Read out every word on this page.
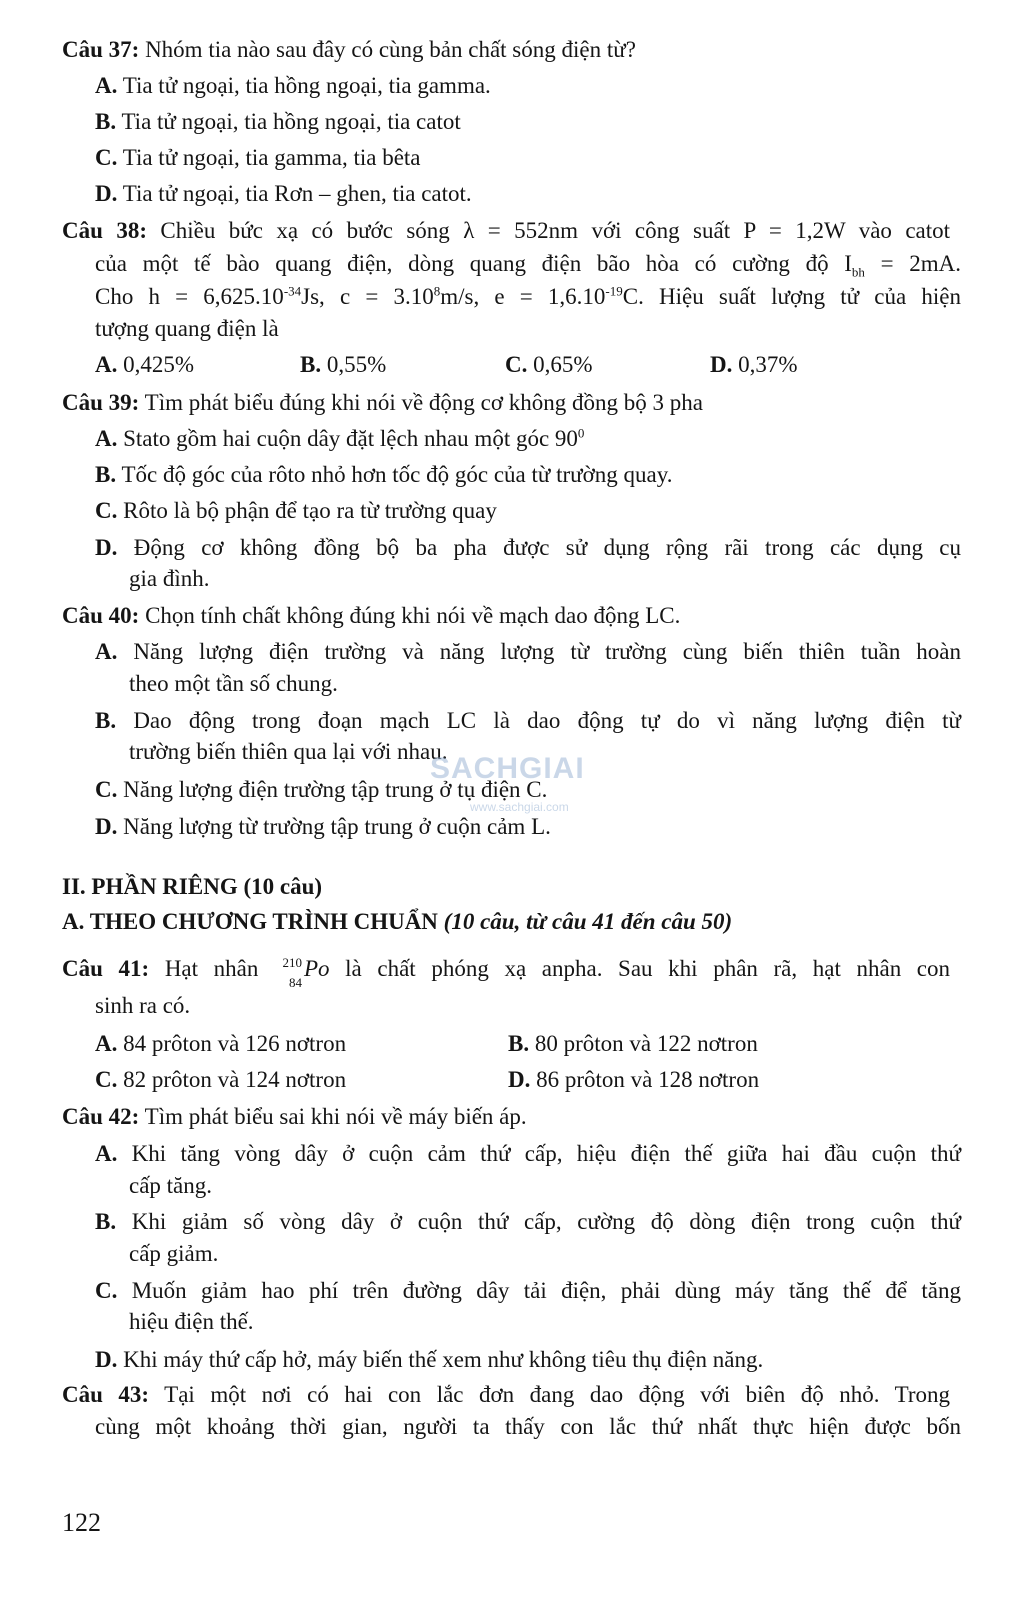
Câu 37: Nhóm tia nào sau đây có cùng bản chất sóng điện từ?
A. Tia tử ngoại, tia hồng ngoại, tia gamma.
B. Tia tử ngoại, tia hồng ngoại, tia catot
C. Tia tử ngoại, tia gamma, tia bêta
D. Tia tử ngoại, tia Rơn – ghen, tia catot.
Câu 38: Chiều bức xạ có bước sóng λ = 552nm với công suất P = 1,2W vào catot
của một tế bào quang điện, dòng quang điện bão hòa có cường độ $I_{bh} = 2mA$.
Cho $h = 6,625.10^{-34}Js$, $c = 3.10^8m/s$, $e = 1,6.10^{-19}C$. Hiệu suất lượng tử của hiện
tượng quang điện là
A. 0,425%	B. 0,55%	C. 0,65%	D. 0,37%
Câu 39: Tìm phát biểu đúng khi nói về động cơ không đồng bộ 3 pha
A. Stato gồm hai cuộn dây đặt lệch nhau một góc $90^0$
B. Tốc độ góc của rôto nhỏ hơn tốc độ góc của từ trường quay.
C. Rôto là bộ phận để tạo ra từ trường quay
D. Động cơ không đồng bộ ba pha được sử dụng rộng rãi trong các dụng cụ
gia đình.
Câu 40: Chọn tính chất không đúng khi nói về mạch dao động LC.
A. Năng lượng điện trường và năng lượng từ trường cùng biến thiên tuần hoàn
theo một tần số chung.
B. Dao động trong đoạn mạch LC là dao động tự do vì năng lượng điện từ
trường biến thiên qua lại với nhau.
C. Năng lượng điện trường tập trung ở tụ điện C.
D. Năng lượng từ trường tập trung ở cuộn cảm L.
SACHGIAI
www.sachgiai.com
II. PHẦN RIÊNG (10 câu)
A. THEO CHƯƠNG TRÌNH CHUẨN (10 câu, từ câu 41 đến câu 50)
Câu 41: Hạt nhân 210
84
Po là chất phóng xạ anpha. Sau khi phân rã, hạt nhân con
sinh ra có.
A. 84 prôton và 126 nơtron	B. 80 prôton và 122 nơtron
C. 82 prôton và 124 nơtron	D. 86 prôton và 128 nơtron
Câu 42: Tìm phát biểu sai khi nói về máy biến áp.
A. Khi tăng vòng dây ở cuộn cảm thứ cấp, hiệu điện thế giữa hai đầu cuộn thứ
cấp tăng.
B. Khi giảm số vòng dây ở cuộn thứ cấp, cường độ dòng điện trong cuộn thứ
cấp giảm.
C. Muốn giảm hao phí trên đường dây tải điện, phải dùng máy tăng thế để tăng
hiệu điện thế.
D. Khi máy thứ cấp hở, máy biến thế xem như không tiêu thụ điện năng.
Câu 43: Tại một nơi có hai con lắc đơn đang dao động với biên độ nhỏ. Trong
cùng một khoảng thời gian, người ta thấy con lắc thứ nhất thực hiện được bốn
122
